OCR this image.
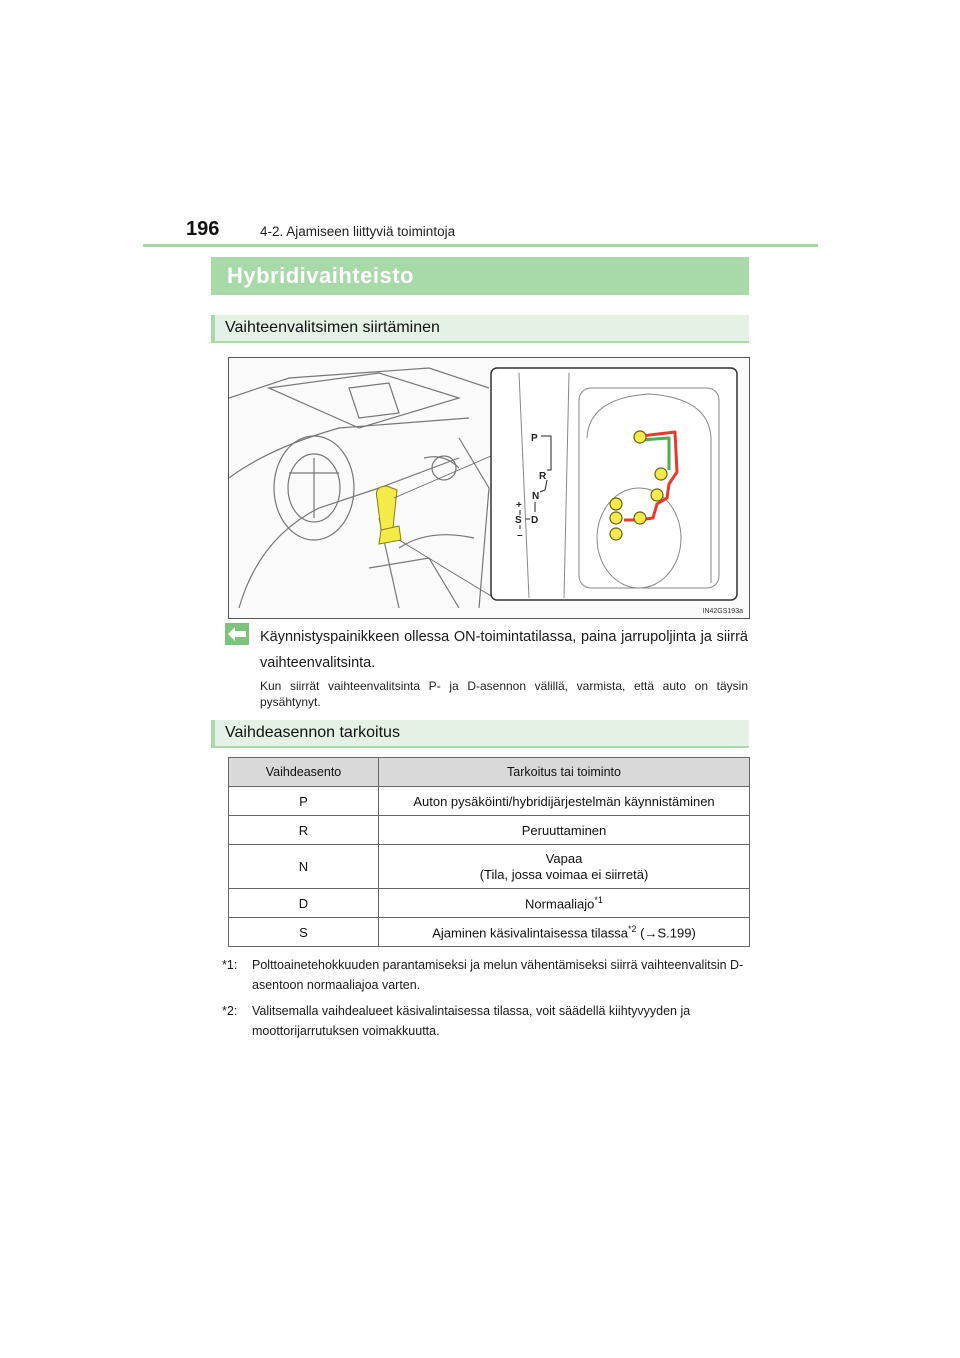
196	4-2. Ajamiseen liittyviä toimintoja
Hybridivaihteisto
Vaihteenvalitsimen siirtäminen
P
R
N
D
S
+
–
IN42GS193a
Käynnistyspainikkeen ollessa ON-toimintatilassa, paina jarrupoljinta ja siirrä vaihteenvalitsinta.
Kun siirrät vaihteenvalitsinta P- ja D-asennon välillä, varmista, että auto on täysin pysähtynyt.
Vaihdeasennon tarkoitus
Vaihdeasento	Tarkoitus tai toiminto
P	Auton pysäköinti/hybridijärjestelmän käynnistäminen
R	Peruuttaminen
N	Vapaa
(Tila, jossa voimaa ei siirretä)
D	Normaaliajo$^{*1}$
S	Ajaminen käsivalintaisessa tilassa$^{*2}$ (→S.199)
*1: Polttoainetehokkuuden parantamiseksi ja melun vähentämiseksi siirrä vaihteenvalitsin D-asentoon normaaliajoa varten.
*2: Valitsemalla vaihdealueet käsivalintaisessa tilassa, voit säädellä kiihtyvyyden ja moottorijarrutuksen voimakkuutta.
